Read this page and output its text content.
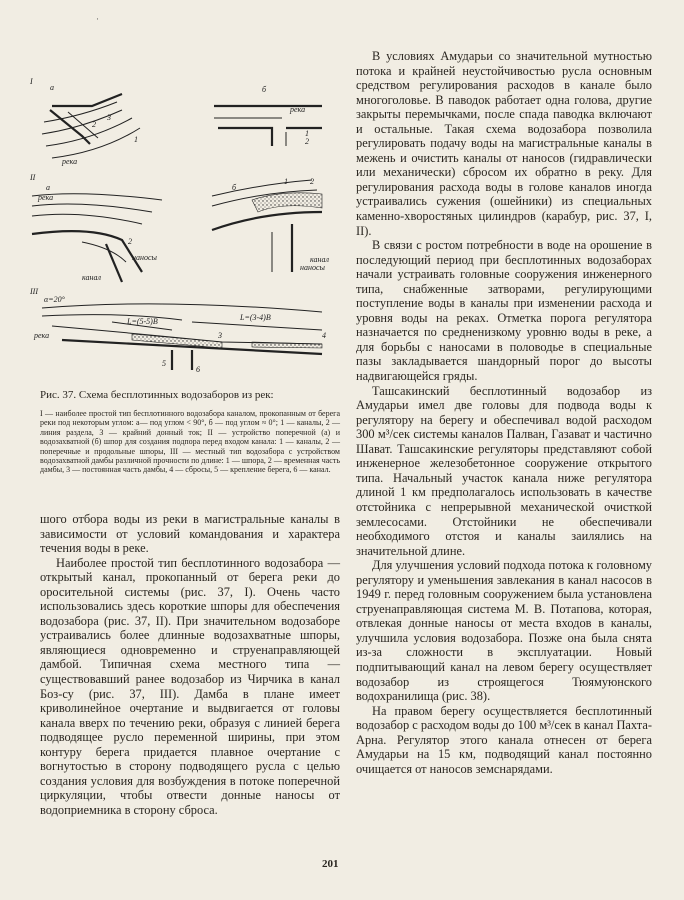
·
I
а
река
1
2
3
б
река
1
2
II
а
река
наносы
канал
2
б
1	2
канал
наносы
III
α=20°
река
L=(5-5)B	L=(3-4)B
3	4
5
6

Рис. 37. Схема бесплотинных водозаборов из рек:

I — наиболее простой тип бесплотинного водозабора каналом, прокопанным от берега реки под некоторым углом: а— под углом < 90°, б — под углом ≈ 0°; 1 — каналы, 2 — линия раздела, 3 — крайний донный ток; II — устройство поперечной (а) и водозахватной (б) шпор для создания подпора перед входом канала: 1 — каналы, 2 — поперечные и продольные шпоры, III — местный тип водозабора с устройством водозахватной дамбы различной прочности по длине: 1 — шпора, 2 — временная часть дамбы, 3 — постоянная часть дамбы, 4 — сбросы, 5 — крепление берега, 6 — канал.

шого отбора воды из реки в магистральные каналы в зависимости от условий командования и характера течения воды в реке.

Наиболее простой тип бесплотинного водозабора — открытый канал, прокопанный от берега реки до оросительной системы (рис. 37, I). Очень часто использовались здесь короткие шпоры для обеспечения водозабора (рис. 37, II). При значительном водозаборе устраивались более длинные водозахватные шпоры, являющиеся одновременно и струенаправляющей дамбой. Типичная схема местного типа — существовавший ранее водозабор из Чирчика в канал Боз-су (рис. 37, III). Дамба в плане имеет криволинейное очертание и выдвигается от головы канала вверх по течению реки, образуя с линией берега подводящее русло переменной ширины, при этом контуру берега придается плавное очертание с вогнутостью в сторону подводящего русла с целью создания условия для возбуждения в потоке поперечной циркуляции, чтобы отвести донные наносы от водоприемника в сторону сброса.

В условиях Амударьи со значительной мутностью потока и крайней неустойчивостью русла основным средством регулирования расходов в канале было многоголовье. В паводок работает одна голова, другие закрыты перемычками, после спада паводка включают и остальные. Такая схема водозабора позволила регулировать подачу воды на магистральные каналы в межень и очистить каналы от наносов (гидравлически или механически) сбросом их обратно в реку. Для регулирования расхода воды в голове каналов иногда устраивались сужения (ошейники) из специальных каменно-хворостяных цилиндров (карабур, рис. 37, I, II).

В связи с ростом потребности в воде на орошение в последующий период при бесплотинных водозаборах начали устраивать головные сооружения инженерного типа, снабженные затворами, регулирующими поступление воды в каналы при изменении расхода и уровня воды на реках. Отметка порога регулятора назначается по средненизкому уровню воды в реке, а для борьбы с наносами в половодье в специальные пазы закладывается шандорный порог до высоты надвигающейся гряды.

Ташсакинский бесплотинный водозабор из Амударьи имел две головы для подвода воды к регулятору на берегу и обеспечивал водой расходом 300 м³/сек системы каналов Палван, Газават и частично Шават. Ташсакинские регуляторы представляют собой инженерное железобетонное сооружение открытого типа. Начальный участок канала ниже регулятора длиной 1 км предполагалось использовать в качестве отстойника с непрерывной механической очисткой землесосами. Отстойники не обеспечивали необходимого отстоя и каналы заилялись на значительной длине.

Для улучшения условий подхода потока к головному регулятору и уменьшения завлекания в канал насосов в 1949 г. перед головным сооружением была установлена струенаправляющая система М. В. Потапова, которая, отвлекая донные наносы от места входов в каналы, улучшила условия водозабора. Позже она была снята из-за сложности в эксплуатации. Новый подпитывающий канал на левом берегу осуществляет водозабор из строящегося Тюямуюнского водохранилища (рис. 38).

На правом берегу осуществляется бесплотинный водозабор с расходом воды до 100 м³/сек в канал Пахта-Арна. Регулятор этого канала отнесен от берега Амударьи на 15 км, подводящий канал постоянно очищается от наносов земснарядами.

201
